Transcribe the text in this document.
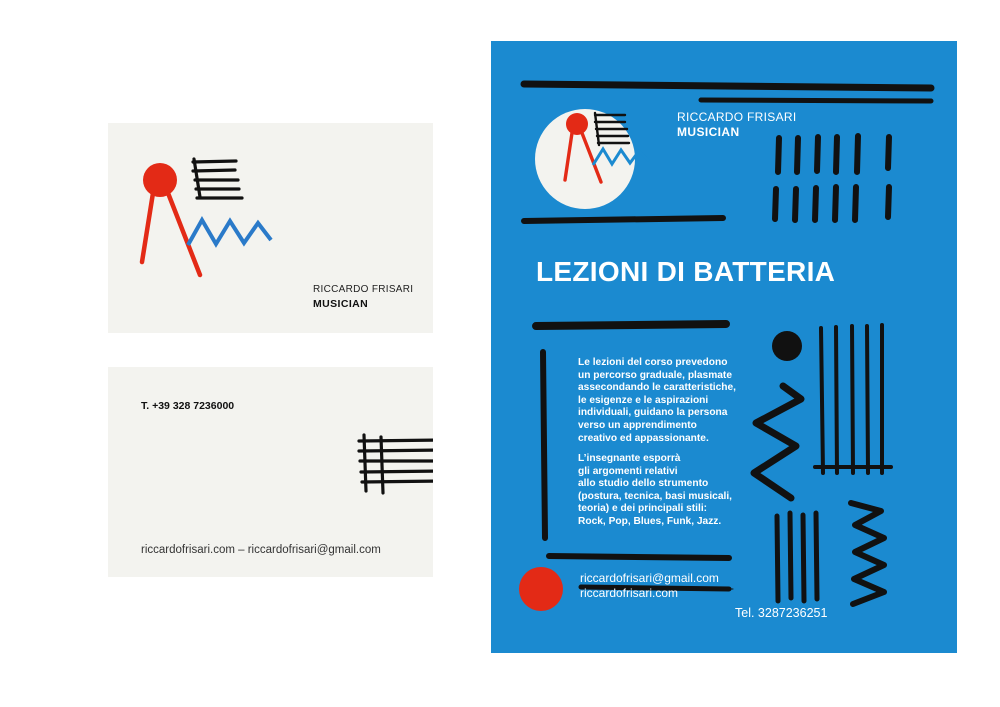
RICCARDO FRISARI
MUSICIAN
T. +39 328 7236000
riccardofrisari.com – riccardofrisari@gmail.com
RICCARDO FRISARI
MUSICIAN
LEZIONI DI BATTERIA
Le lezioni del corso prevedono
un percorso graduale, plasmate
assecondando le caratteristiche,
le esigenze e le aspirazioni
individuali, guidano la persona
verso un apprendimento
creativo ed appassionante.
L’insegnante esporrà
gli argomenti relativi
allo studio dello strumento
(postura, tecnica, basi musicali,
teoria) e dei principali stili:
Rock, Pop, Blues, Funk, Jazz.
riccardofrisari@gmail.com
riccardofrisari.com
Tel. 3287236251
